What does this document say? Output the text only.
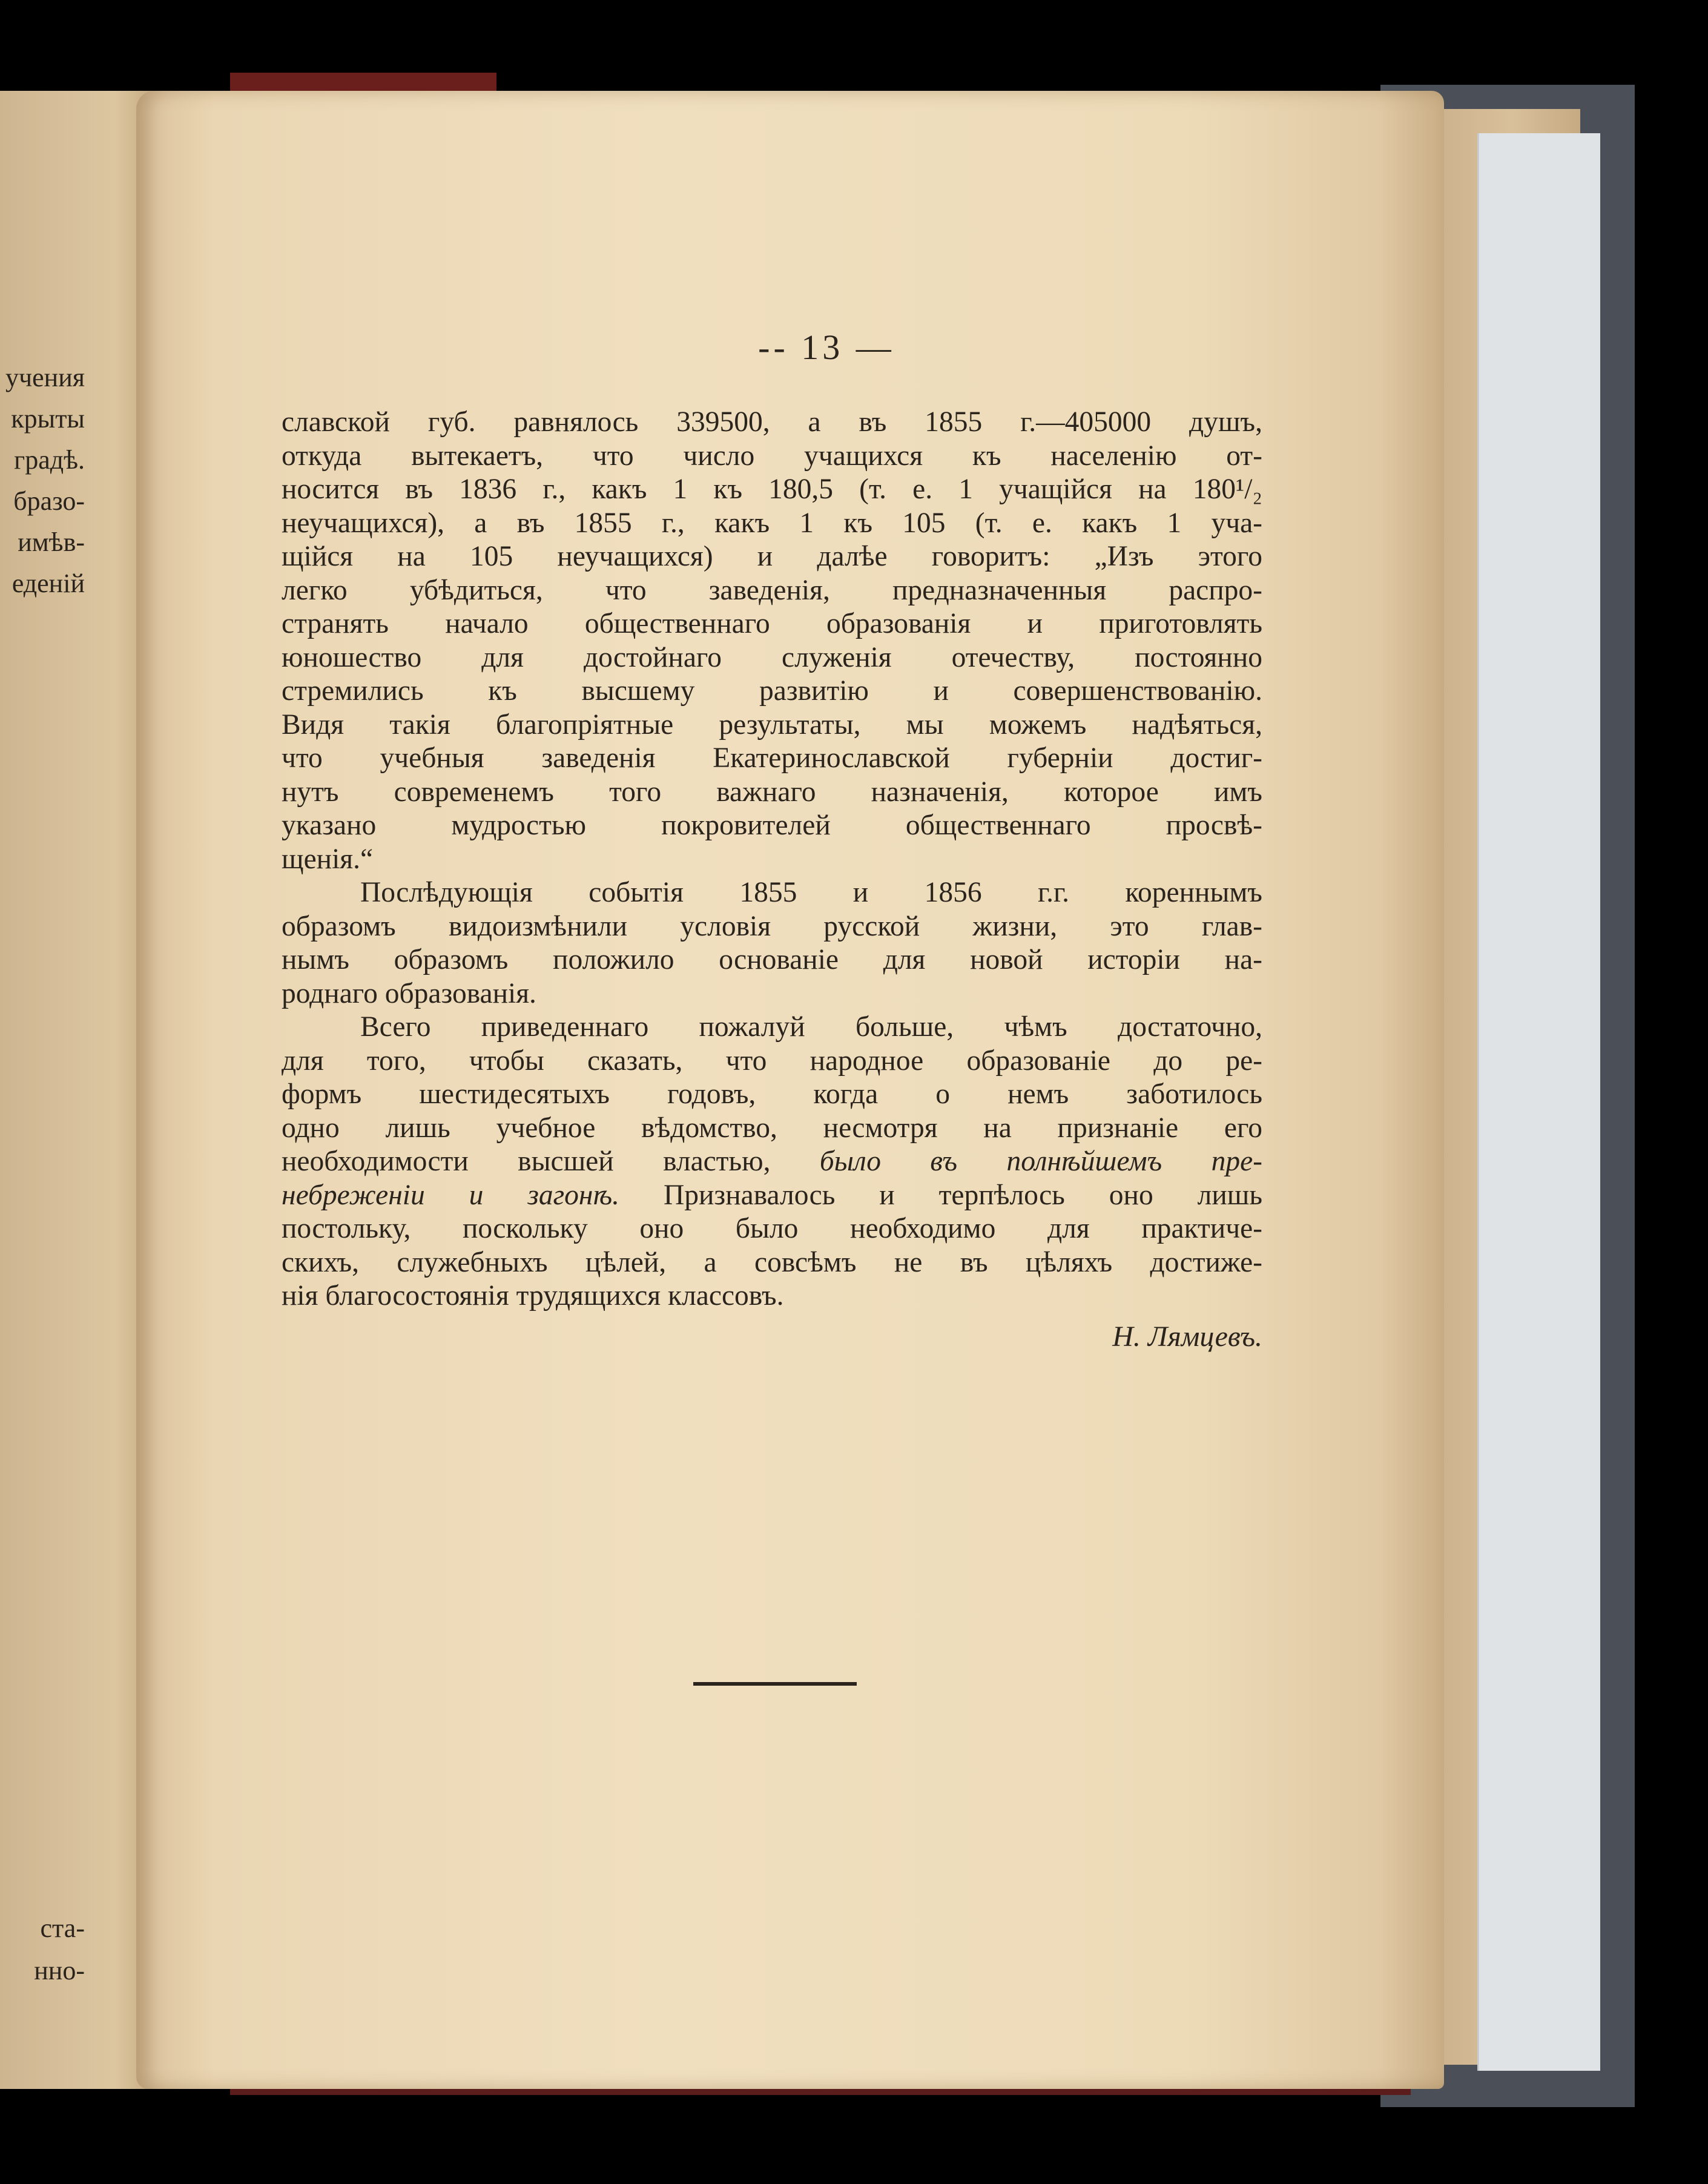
учения
крыты
градѣ.
бразо-
имѣв-
еденій
ста-
нно-
-- 13 —
славской губ. равнялось 339500, а въ 1855 г.—405000 душъ,
откуда вытекаетъ, что число учащихся къ населенію от-
носится въ 1836 г., какъ 1 къ 180,5 (т. е. 1 учащійся на 180¹/₂
неучащихся), а въ 1855 г., какъ 1 къ 105 (т. е. какъ 1 уча-
щійся на 105 неучащихся) и далѣе говоритъ: „Изъ этого
легко убѣдиться, что заведенія, предназначенныя распро-
странять начало общественнаго образованія и приготовлять
юношество для достойнаго служенія отечеству, постоянно
стремились къ высшему развитію и совершенствованію.
Видя такія благопріятные результаты, мы можемъ надѣяться,
что учебныя заведенія Екатеринославской губерніи достиг-
нутъ современемъ того важнаго назначенія, которое имъ
указано мудростью покровителей общественнаго просвѣ-
щенія.“
Послѣдующія событія 1855 и 1856 г.г. кореннымъ
образомъ видоизмѣнили условія русской жизни, это глав-
нымъ образомъ положило основаніе для новой исторіи на-
роднаго образованія.
Всего приведеннаго пожалуй больше, чѣмъ достаточно,
для того, чтобы сказать, что народное образованіе до ре-
формъ шестидесятыхъ годовъ, когда о немъ заботилось
одно лишь учебное вѣдомство, несмотря на признаніе его
необходимости высшей властью, было въ полнѣйшемъ пре-
небреженіи и загонѣ. Признавалось и терпѣлось оно лишь
постольку, поскольку оно было необходимо для практиче-
скихъ, служебныхъ цѣлей, а совсѣмъ не въ цѣляхъ достиже-
нія благосостоянія трудящихся классовъ.
Н. Лямцевъ.
